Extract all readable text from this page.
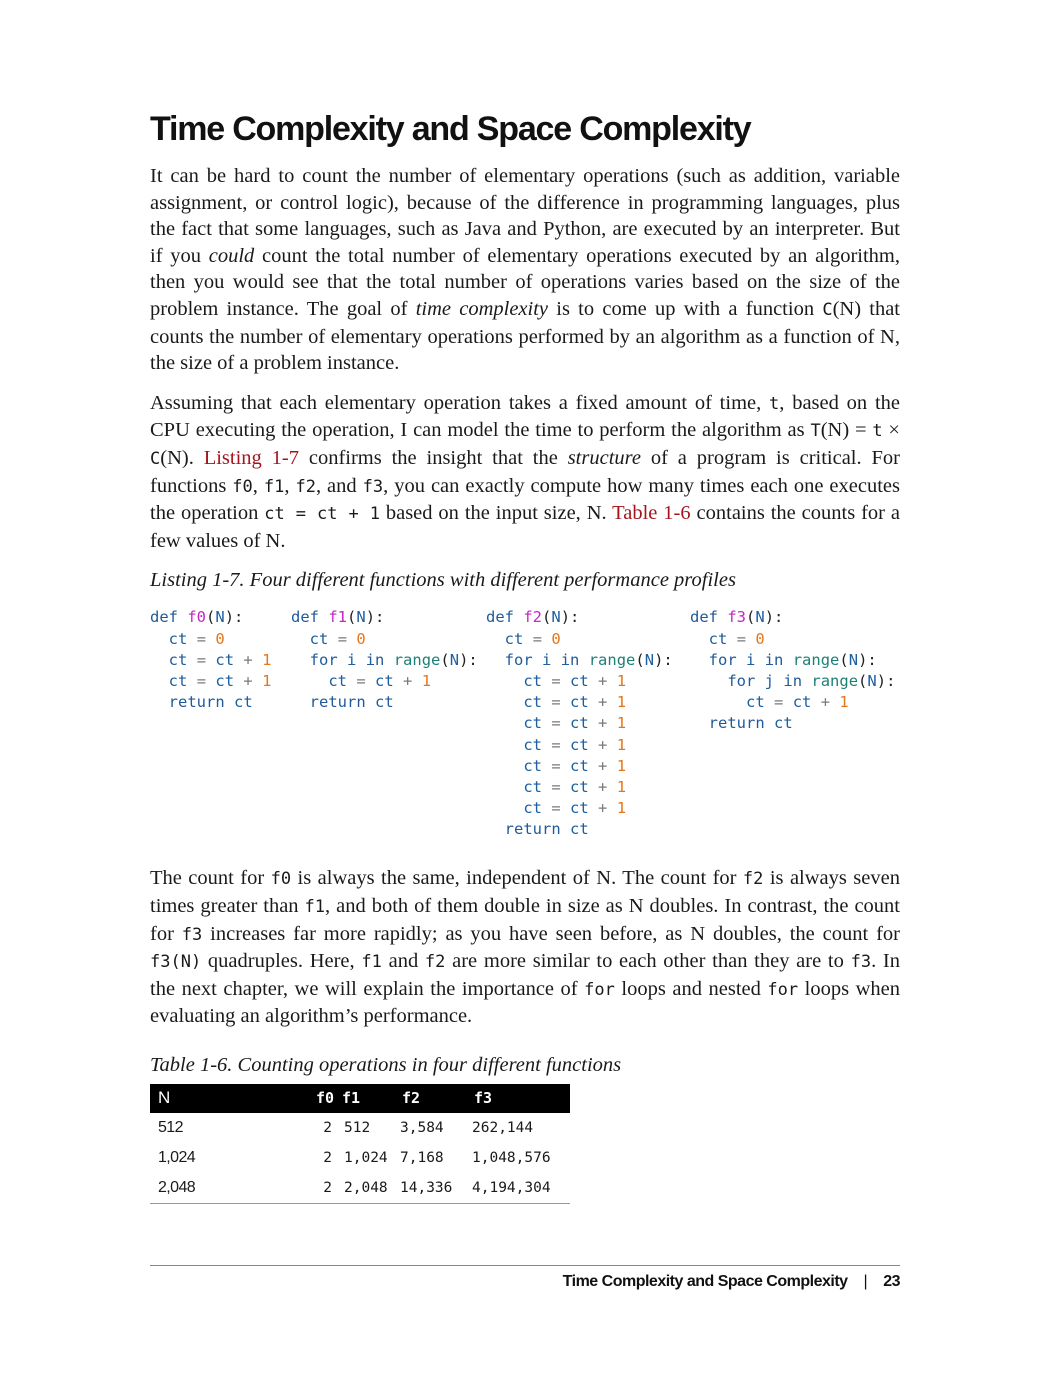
Time Complexity and Space Complexity

It can be hard to count the number of elementary operations (such as addition, variable assignment, or control logic), because of the difference in programming languages, plus the fact that some languages, such as Java and Python, are executed by an interpreter. But if you could count the total number of elementary operations executed by an algorithm, then you would see that the total number of operations varies based on the size of the problem instance. The goal of time complexity is to come up with a function C(N) that counts the number of elementary operations performed by an algorithm as a function of N, the size of a problem instance.

Assuming that each elementary operation takes a fixed amount of time, t, based on the CPU executing the operation, I can model the time to perform the algorithm as T(N) = t × C(N). Listing 1-7 confirms the insight that the structure of a program is critical. For functions f0, f1, f2, and f3, you can exactly compute how many times each one executes the operation ct = ct + 1 based on the input size, N. Table 1-6 contains the counts for a few values of N.

Listing 1-7. Four different functions with different performance profiles
def f0(N):
ct = 0
ct = ct + 1
ct = ct + 1
return ct
def f1(N):
ct = 0
for i in range(N):
ct = ct + 1
return ct
def f2(N):
ct = 0
for i in range(N):
ct = ct + 1
ct = ct + 1
ct = ct + 1
ct = ct + 1
ct = ct + 1
ct = ct + 1
ct = ct + 1
return ct
def f3(N):
ct = 0
for i in range(N):
for j in range(N):
ct = ct + 1
return ct

The count for f0 is always the same, independent of N. The count for f2 is always seven times greater than f1, and both of them double in size as N doubles. In contrast, the count for f3 increases far more rapidly; as you have seen before, as N doubles, the count for f3(N) quadruples. Here, f1 and f2 are more similar to each other than they are to f3. In the next chapter, we will explain the importance of for loops and nested for loops when evaluating an algorithm’s performance.

Table 1-6. Counting operations in four different functions
N	f0	f1	f2	f3
512	2	512	3,584	262,144
1,024	2	1,024	7,168	1,048,576
2,048	2	2,048	14,336	4,194,304
Time Complexity and Space Complexity | 23
